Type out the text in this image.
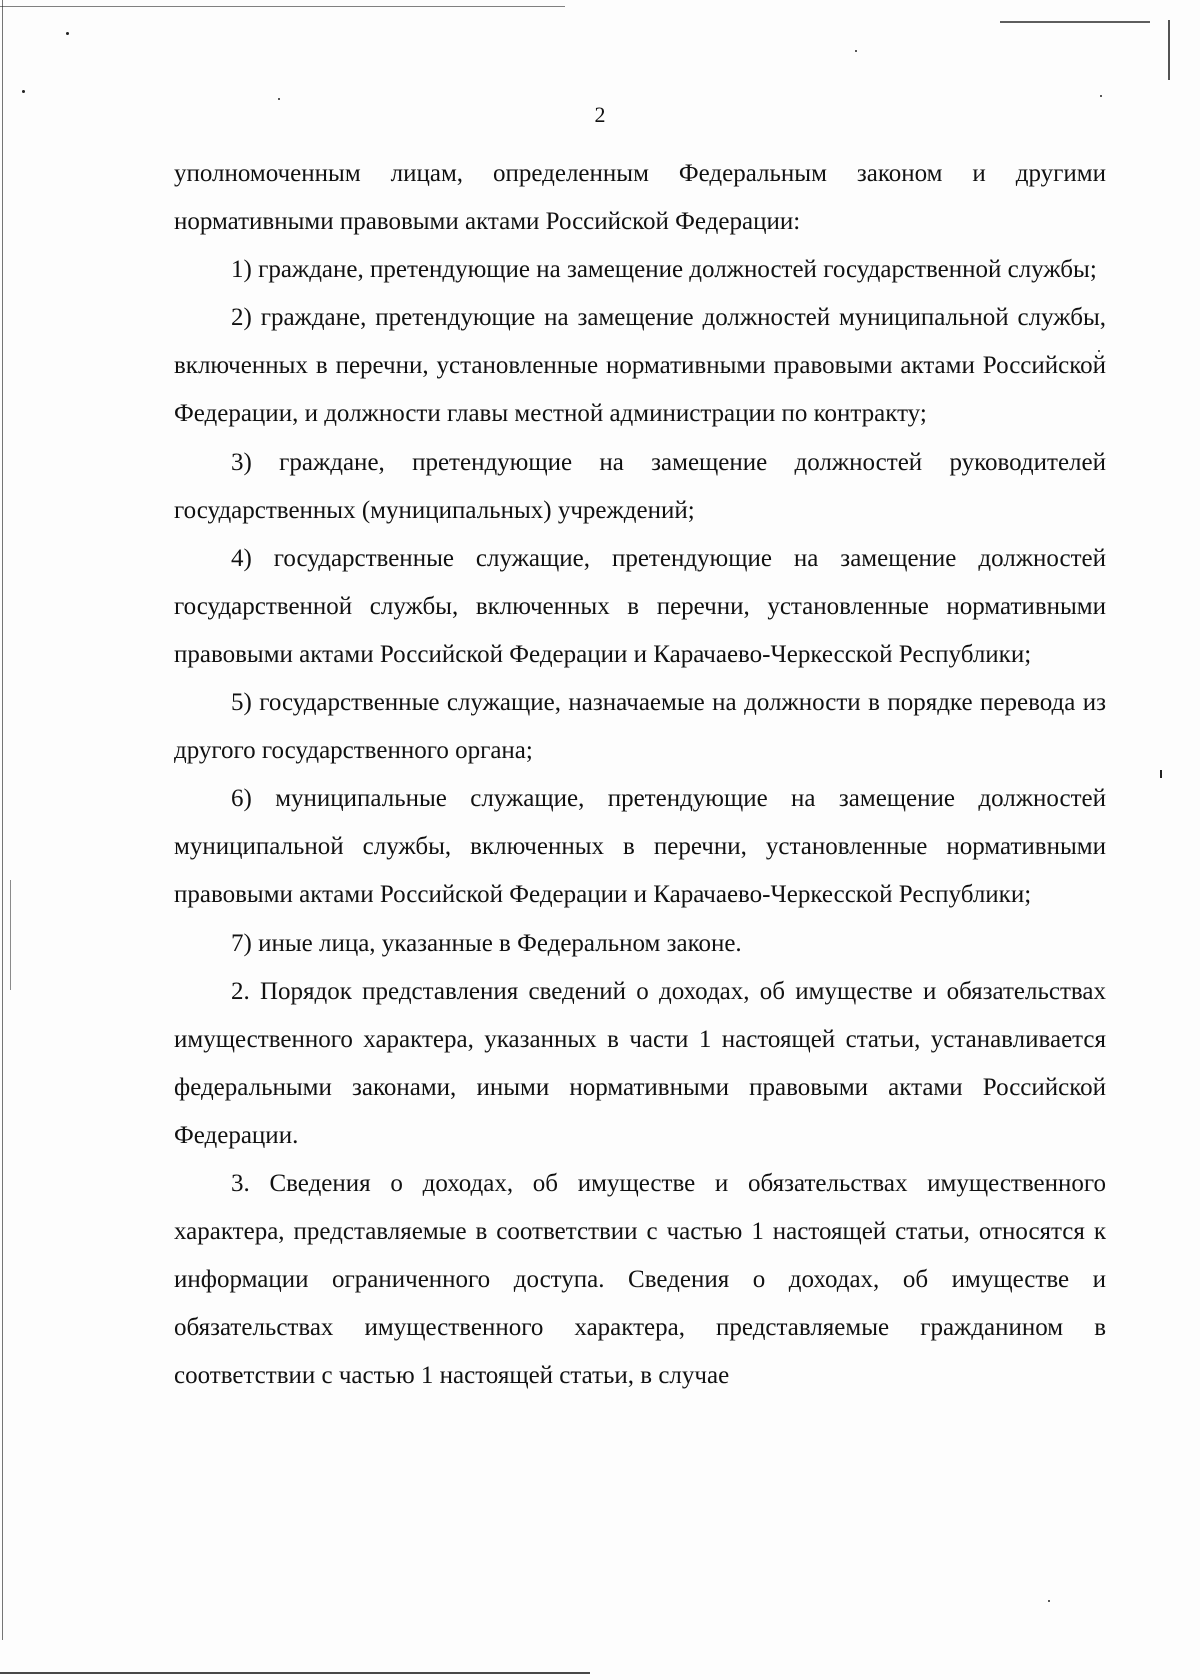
2

уполномоченным лицам, определенным Федеральным законом и другими нормативными правовыми актами Российской Федерации:

1) граждане, претендующие на замещение должностей государственной службы;

2) граждане, претендующие на замещение должностей муниципальной службы, включенных в перечни, установленные нормативными правовыми актами Российской Федерации, и должности главы местной администрации по контракту;

3) граждане, претендующие на замещение должностей руководителей государственных (муниципальных) учреждений;

4) государственные служащие, претендующие на замещение должностей государственной службы, включенных в перечни, установленные нормативными правовыми актами Российской Федерации и Карачаево-Черкесской Республики;

5) государственные служащие, назначаемые на должности в порядке перевода из другого государственного органа;

6) муниципальные служащие, претендующие на замещение должностей муниципальной службы, включенных в перечни, установленные нормативными правовыми актами Российской Федерации и Карачаево-Черкесской Республики;

7) иные лица, указанные в Федеральном законе.

2. Порядок представления сведений о доходах, об имуществе и обязательствах имущественного характера, указанных в части 1 настоящей статьи, устанавливается федеральными законами, иными нормативными правовыми актами Российской Федерации.

3. Сведения о доходах, об имуществе и обязательствах имущественного характера, представляемые в соответствии с частью 1 настоящей статьи, относятся к информации ограниченного доступа. Сведения о доходах, об имуществе и обязательствах имущественного характера, представляемые гражданином в соответствии с частью 1 настоящей статьи, в случае
